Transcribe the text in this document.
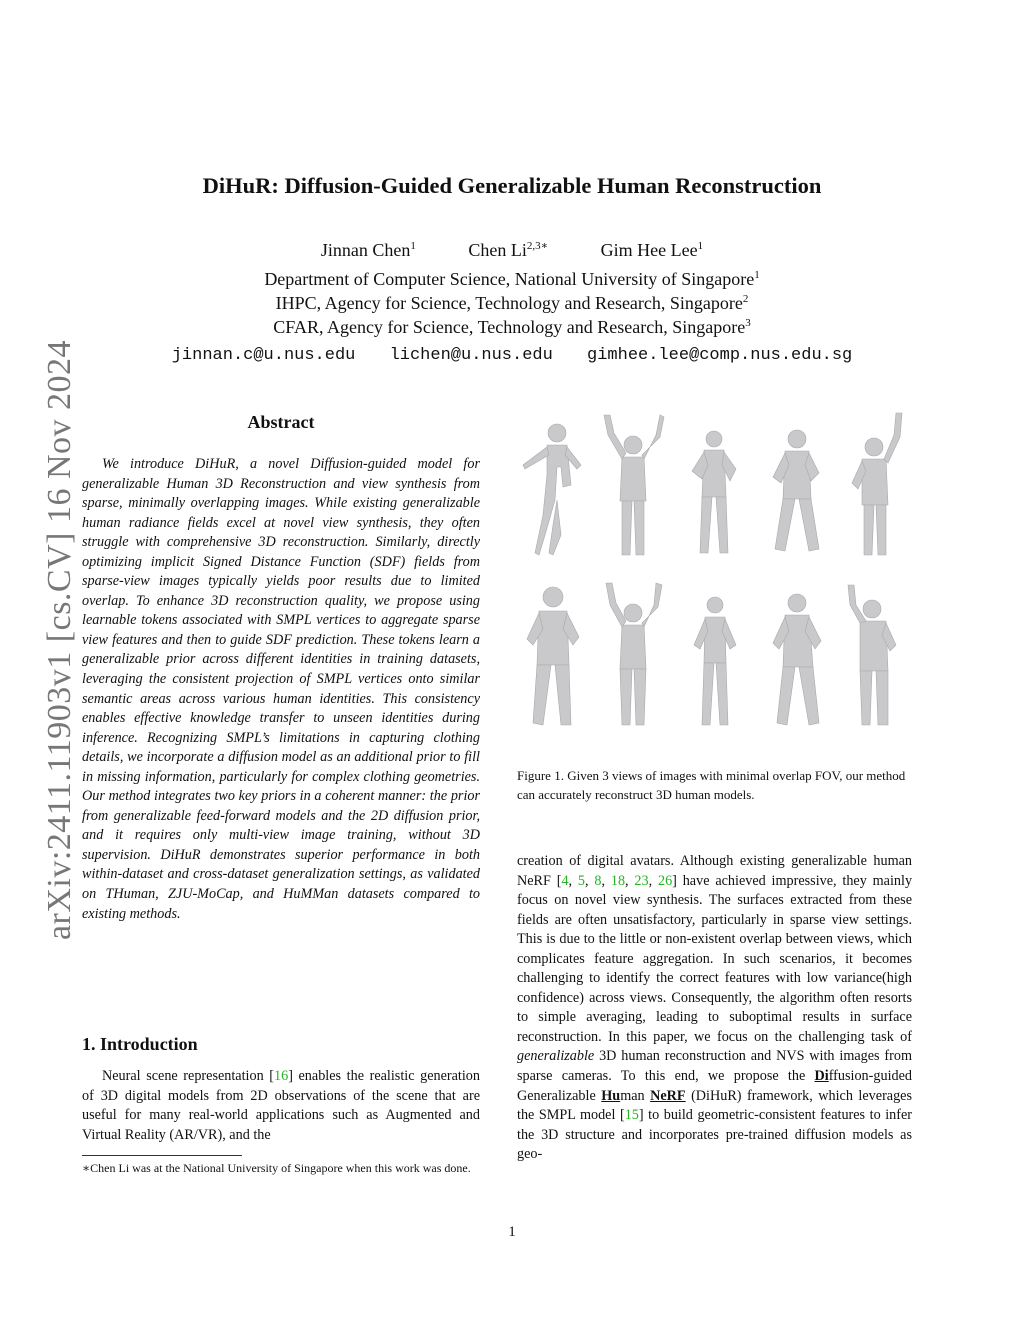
arXiv:2411.11903v1 [cs.CV] 16 Nov 2024
DiHuR: Diffusion-Guided Generalizable Human Reconstruction
Jinnan Chen$^1$	Chen $Li^{2,3∗}$	Gim Hee Lee$^1$
Department of Computer Science, National University of Singapore$^1$
IHPC, Agency for Science, Technology and Research, Singapore$^2$
CFAR, Agency for Science, Technology and Research, Singapore$^3$
jinnan.c@u.nus.edu lichen@u.nus.edu gimhee.lee@comp.nus.edu.sg
Abstract

We introduce DiHuR, a novel Diffusion-guided model for generalizable Human 3D Reconstruction and view synthesis from sparse, minimally overlapping images. While existing generalizable human radiance fields excel at novel view synthesis, they often struggle with comprehensive 3D reconstruction. Similarly, directly optimizing implicit Signed Distance Function (SDF) fields from sparse-view images typically yields poor results due to limited overlap. To enhance 3D reconstruction quality, we propose using learnable tokens associated with SMPL vertices to aggregate sparse view features and then to guide SDF prediction. These tokens learn a generalizable prior across different identities in training datasets, leveraging the consistent projection of SMPL vertices onto similar semantic areas across various human identities. This consistency enables effective knowledge transfer to unseen identities during inference. Recognizing SMPL’s limitations in capturing clothing details, we incorporate a diffusion model as an additional prior to fill in missing information, particularly for complex clothing geometries. Our method integrates two key priors in a coherent manner: the prior from generalizable feed-forward models and the 2D diffusion prior, and it requires only multi-view image training, without 3D supervision. DiHuR demonstrates superior performance in both within-dataset and cross-dataset generalization settings, as validated on THuman, ZJU-MoCap, and HuMMan datasets compared to existing methods.

1. Introduction

Neural scene representation [16] enables the realistic generation of 3D digital models from 2D observations of the scene that are useful for many real-world applications such as Augmented and Virtual Reality (AR/VR), and the

∗Chen Li was at the National University of Singapore when this work was done.
Figure 1. Given 3 views of images with minimal overlap FOV, our method can accurately reconstruct 3D human models.

creation of digital avatars. Although existing generalizable human NeRF [4, 5, 8, 18, 23, 26] have achieved impressive, they mainly focus on novel view synthesis. The surfaces extracted from these fields are often unsatisfactory, particularly in sparse view settings. This is due to the little or non-existent overlap between views, which complicates feature aggregation. In such scenarios, it becomes challenging to identify the correct features with low variance(high confidence) across views. Consequently, the algorithm often resorts to simple averaging, leading to suboptimal results in surface reconstruction. In this paper, we focus on the challenging task of generalizable 3D human reconstruction and NVS with images from sparse cameras. To this end, we propose the Diffusion-guided Generalizable Human NeRF (DiHuR) framework, which leverages the SMPL model [15] to build geometric-consistent features to infer the 3D structure and incorporates pre-trained diffusion models as geo-

1
